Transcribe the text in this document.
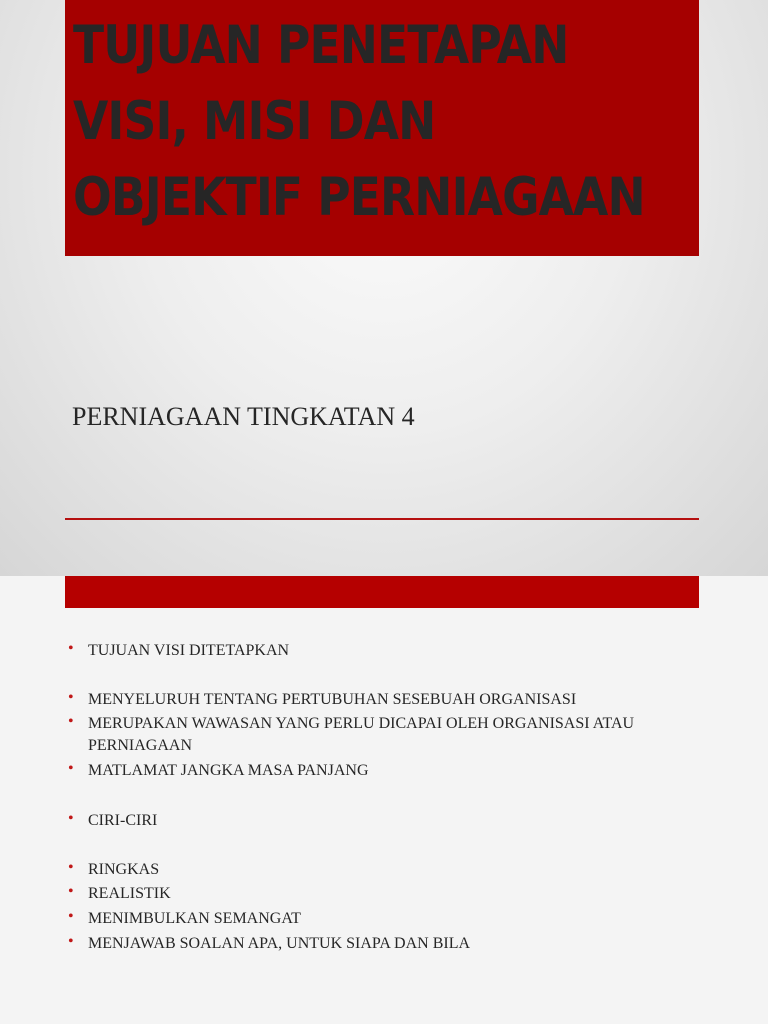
TUJUAN PENETAPAN
VISI, MISI DAN
OBJEKTIF PERNIAGAAN
PERNIAGAAN TINGKATAN 4
• TUJUAN VISI DITETAPKAN
• MENYELURUH TENTANG PERTUBUHAN SESEBUAH ORGANISASI
• MERUPAKAN WAWASAN YANG PERLU DICAPAI OLEH ORGANISASI ATAU PERNIAGAAN
• MATLAMAT JANGKA MASA PANJANG
• CIRI-CIRI
• RINGKAS
• REALISTIK
• MENIMBULKAN SEMANGAT
• MENJAWAB SOALAN APA, UNTUK SIAPA DAN BILA
